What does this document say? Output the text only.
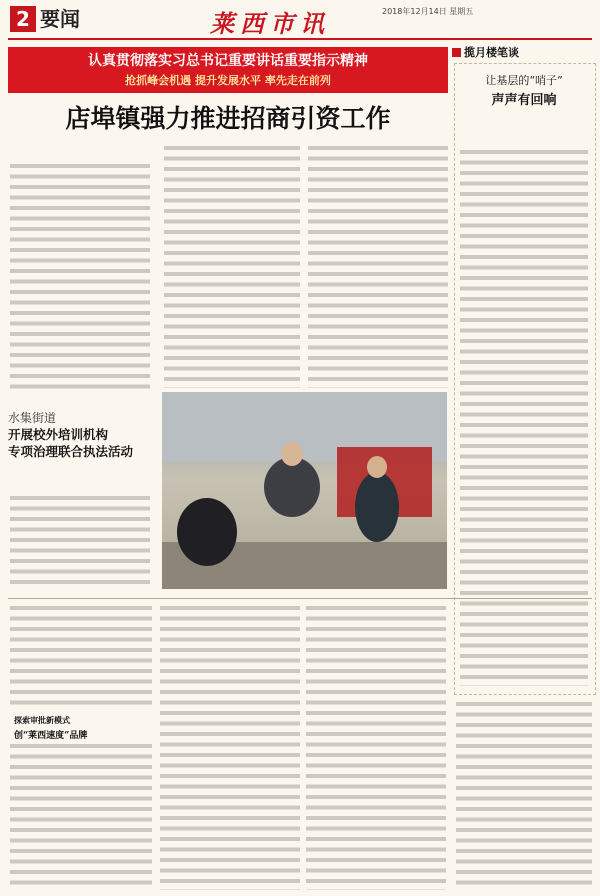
2 要闻	莱西市讯	2018年12月14日 星期五
认真贯彻落实习总书记重要讲话重要指示精神
抢抓峰会机遇 提升发展水平 率先走在前列
店埠镇强力推进招商引资工作
水集街道
开展校外培训机构
专项治理联合执法活动
揽月楼笔谈
让基层的“哨子”
声声有回响
探索审批新模式
创“莱西速度”品牌
